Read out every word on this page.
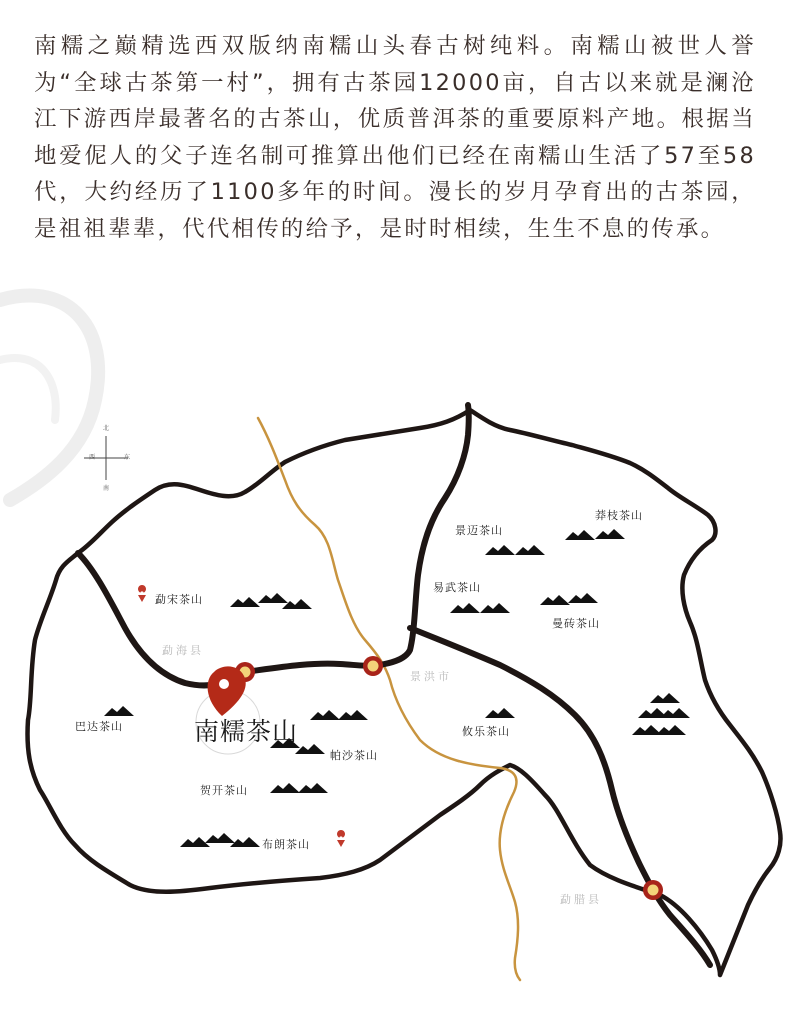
南糯之巅精选西双版纳南糯山头春古树纯料。南糯山被世人誉为“全球古茶第一村”，拥有古茶园12000亩，自古以来就是澜沧江下游西岸最著名的古茶山，优质普洱茶的重要原料产地。根据当地爱伲人的父子连名制可推算出他们已经在南糯山生活了57至58代，大约经历了1100多年的时间。漫长的岁月孕育出的古茶园，是祖祖辈辈，代代相传的给予，是时时相续，生生不息的传承。

北
南
西	东
勐海县
景洪市
勐腊县
勐宋茶山
巴达茶山
帕沙茶山
贺开茶山
布朗茶山
景迈茶山
莽枝茶山
易武茶山
曼砖茶山
攸乐茶山
南糯茶山
